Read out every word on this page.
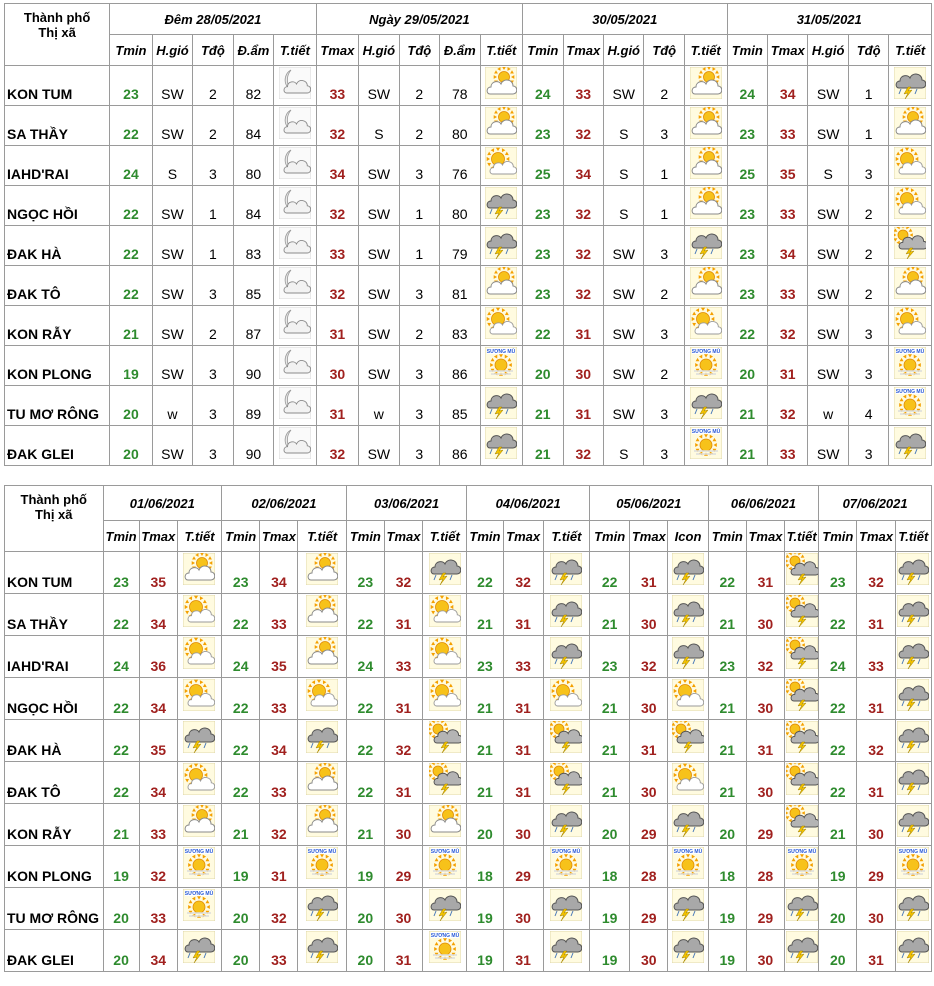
Thành phố
Thị xã	Đêm 28/05/2021					Ngày 29/05/2021					30/05/2021					31/05/2021				
	Tmin	H.gió	Tđộ	Đ.ẩm	T.tiết	Tmax	H.gió	Tđộ	Đ.ẩm	T.tiết	Tmin	Tmax	H.gió	Tđộ	T.tiết	Tmin	Tmax	H.gió	Tđộ	T.tiết
KON TUM	23	SW	2	82		33	SW	2	78		24	33	SW	2		24	34	SW	1	

SA THẦY	22	SW	2	84		32	S	2	80		23	32	S	3		23	33	SW	1	

IAHD'RAI	24	S	3	80		34	SW	3	76		25	34	S	1		25	35	S	3	

NGỌC HỒI	22	SW	1	84		32	SW	1	80		23	32	S	1		23	33	SW	2	

ĐAK HÀ	22	SW	1	83		33	SW	1	79		23	32	SW	3		23	34	SW	2	

ĐAK TÔ	22	SW	3	85		32	SW	3	81		23	32	SW	2		23	33	SW	2	

KON RẪY	21	SW	2	87		31	SW	2	83		22	31	SW	3		22	32	SW	3	

KON PLONG	19	SW	3	90		30	SW	3	86	SƯƠNG MÙ	20	30	SW	2	SƯƠNG MÙ	20	31	SW	3	SƯƠNG MÙ

TU MƠ RÔNG	20	w	3	89		31	w	3	85		21	31	SW	3		21	32	w	4	SƯƠNG MÙ

ĐAK GLEI	20	SW	3	90		32	SW	3	86		21	32	S	3	SƯƠNG MÙ	21	33	SW	3	
Thành phố
Thị xã	01/06/2021			02/06/2021			03/06/2021			04/06/2021			05/06/2021			06/06/2021			07/06/2021		
	Tmin	Tmax	T.tiết	Tmin	Tmax	T.tiết	Tmin	Tmax	T.tiết	Tmin	Tmax	T.tiết	Tmin	Tmax	Icon	Tmin	Tmax	T.tiết	Tmin	Tmax	T.tiết
KON TUM	23	35		23	34		23	32		22	32		22	31		22	31		23	32	

SA THẦY	22	34		22	33		22	31		21	31		21	30		21	30		22	31	

IAHD'RAI	24	36		24	35		24	33		23	33		23	32		23	32		24	33	

NGỌC HỒI	22	34		22	33		22	31		21	31		21	30		21	30		22	31	

ĐAK HÀ	22	35		22	34		22	32		21	31		21	31		21	31		22	32	

ĐAK TÔ	22	34		22	33		22	31		21	31		21	30		21	30		22	31	

KON RẪY	21	33		21	32		21	30		20	30		20	29		20	29		21	30	

KON PLONG	19	32	SƯƠNG MÙ	19	31	SƯƠNG MÙ	19	29	SƯƠNG MÙ	18	29	SƯƠNG MÙ	18	28	SƯƠNG MÙ	18	28	SƯƠNG MÙ	19	29	SƯƠNG MÙ

TU MƠ RÔNG	20	33	SƯƠNG MÙ	20	32		20	30		19	30		19	29		19	29		20	30	

ĐAK GLEI	20	34		20	33		20	31	SƯƠNG MÙ	19	31		19	30		19	30		20	31	
